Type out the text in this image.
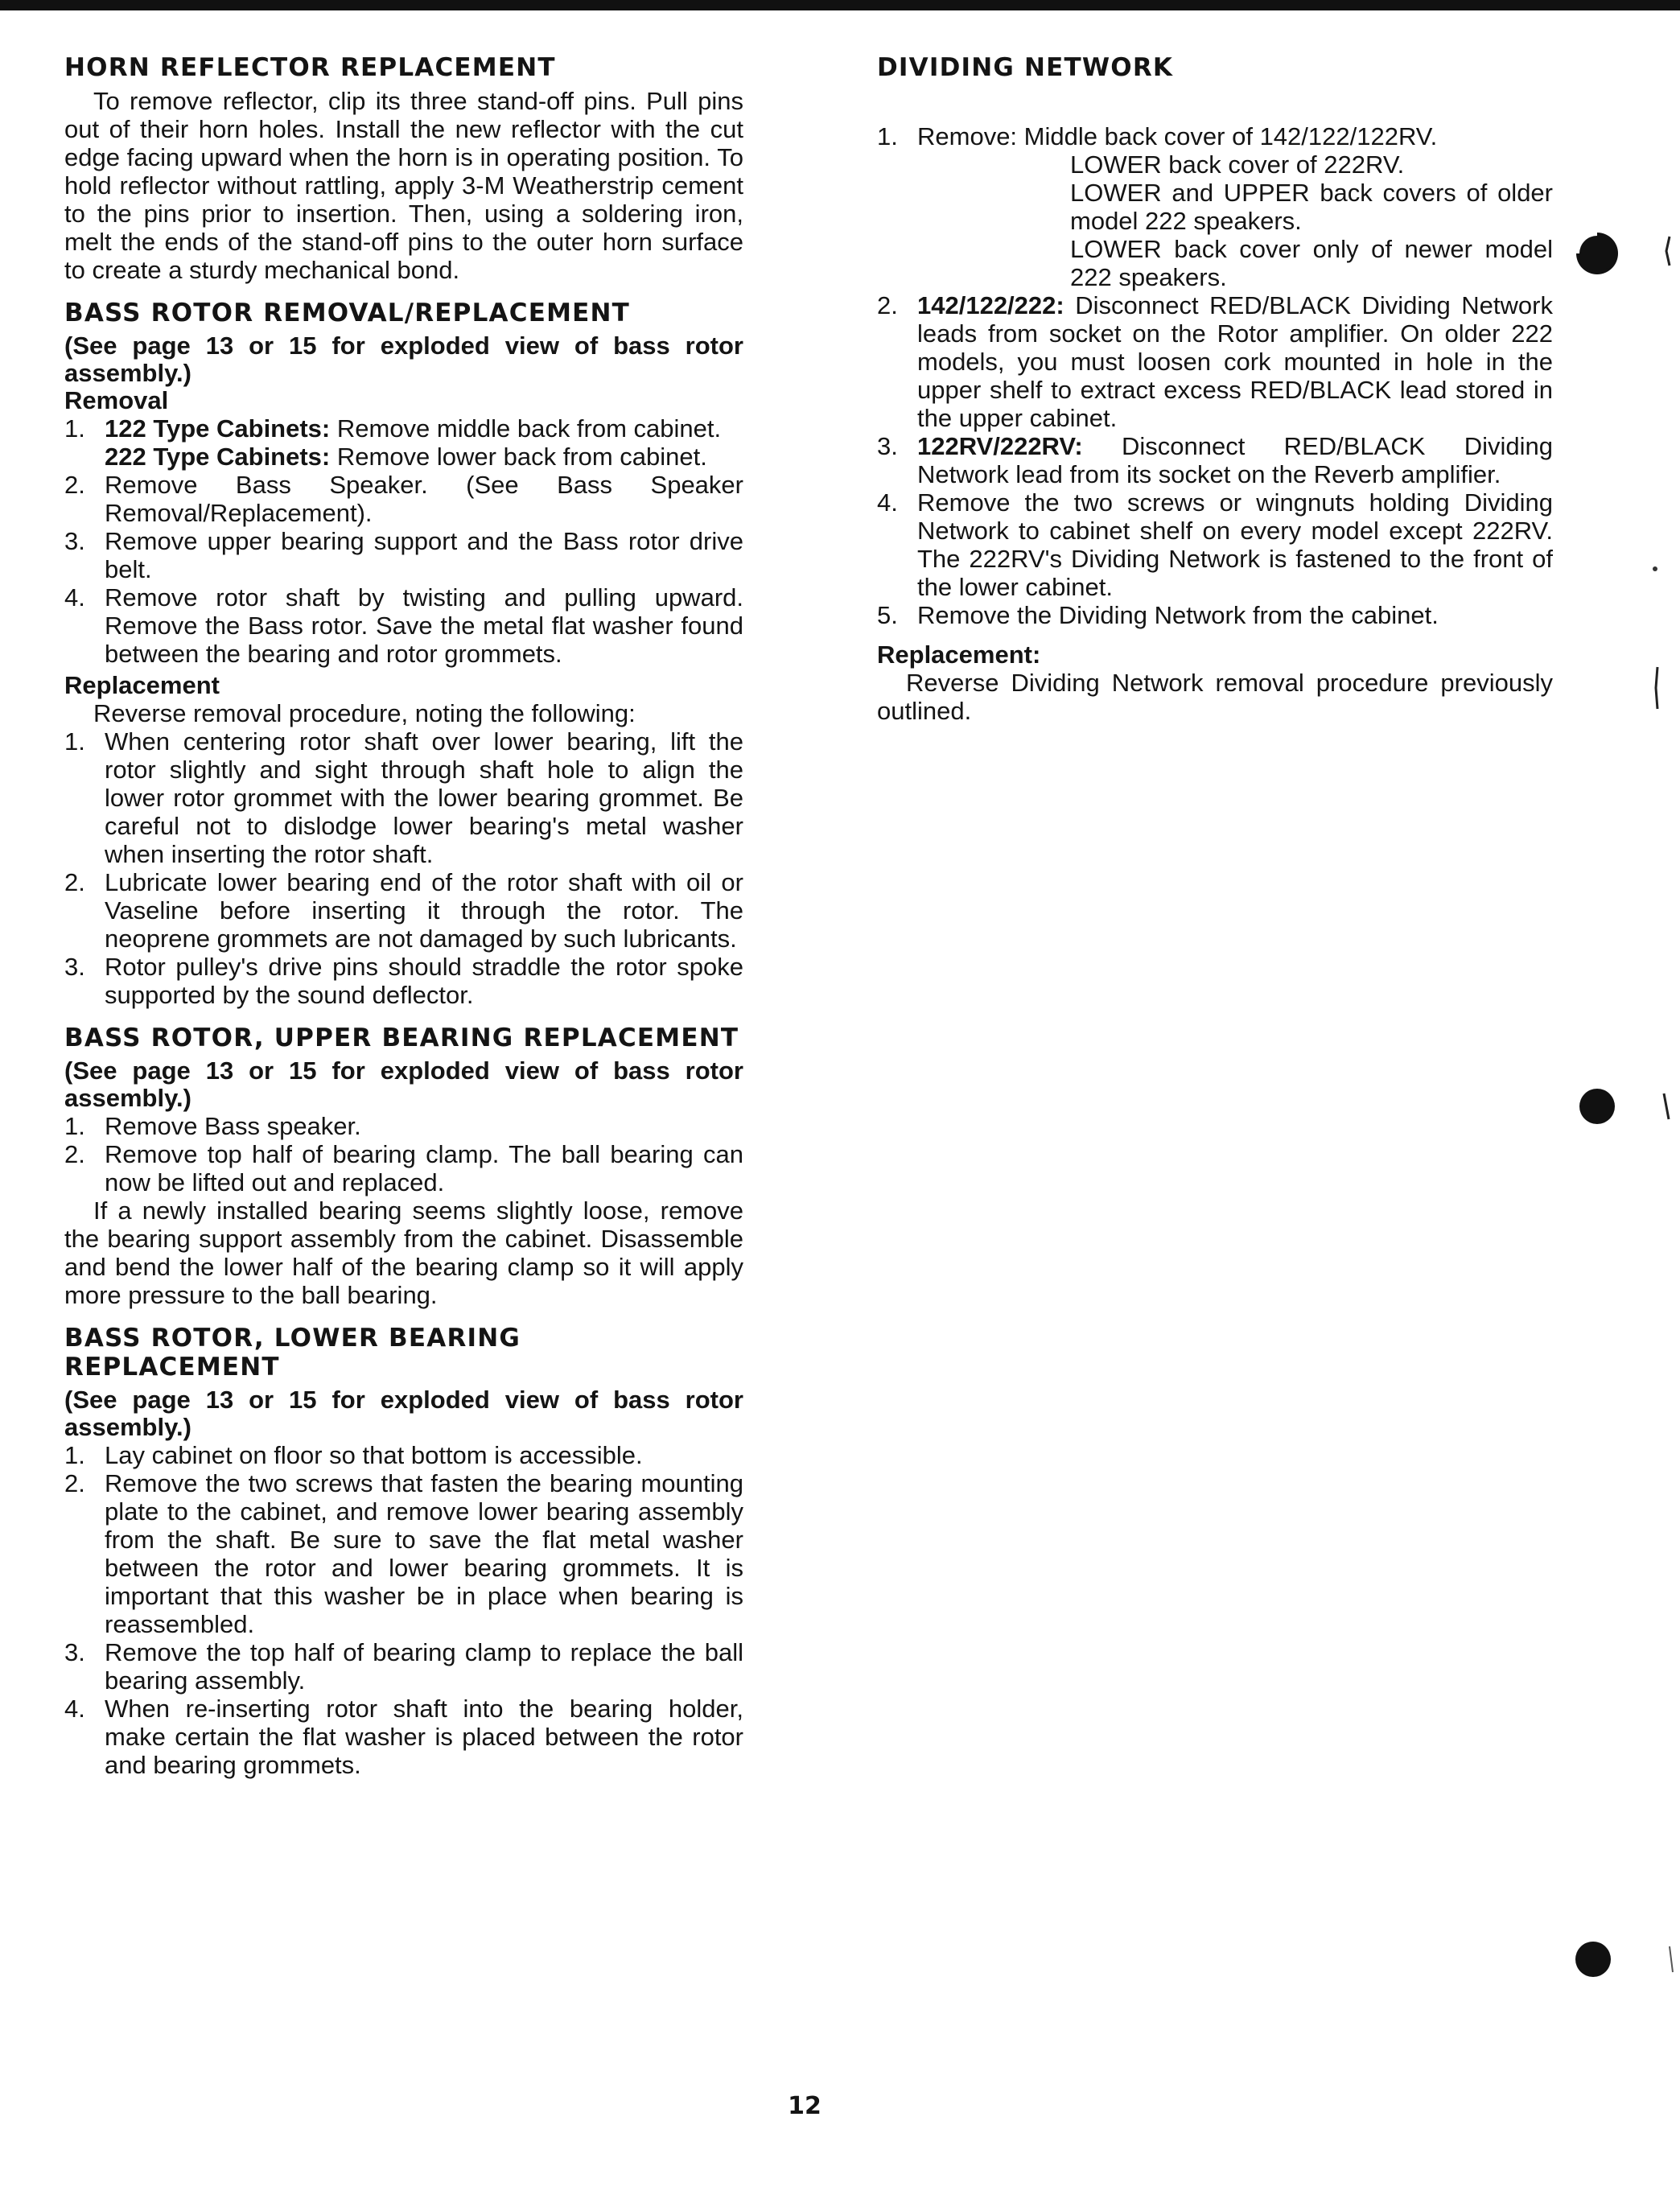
HORN REFLECTOR REPLACEMENT

To remove reflector, clip its three stand-off pins. Pull pins out of their horn holes. Install the new reflector with the cut edge facing upward when the horn is in operating position. To hold reflector without rattling, apply 3-M Weatherstrip cement to the pins prior to insertion. Then, using a soldering iron, melt the ends of the stand-off pins to the outer horn surface to create a sturdy mechanical bond.

BASS ROTOR REMOVAL/REPLACEMENT

(See page 13 or 15 for exploded view of bass rotor assembly.)

Removal

1. 122 Type Cabinets: Remove middle back from cabinet.
222 Type Cabinets: Remove lower back from cabinet.
2. Remove Bass Speaker. (See Bass Speaker Removal/Replacement).
3. Remove upper bearing support and the Bass rotor drive belt.
4. Remove rotor shaft by twisting and pulling upward. Remove the Bass rotor. Save the metal flat washer found between the bearing and rotor grommets.

Replacement

Reverse removal procedure, noting the following:

1. When centering rotor shaft over lower bearing, lift the rotor slightly and sight through shaft hole to align the lower rotor grommet with the lower bearing grommet. Be careful not to dislodge lower bearing's metal washer when inserting the rotor shaft.
2. Lubricate lower bearing end of the rotor shaft with oil or Vaseline before inserting it through the rotor. The neoprene grommets are not damaged by such lubricants.
3. Rotor pulley's drive pins should straddle the rotor spoke supported by the sound deflector.
BASS ROTOR, UPPER BEARING REPLACEMENT

(See page 13 or 15 for exploded view of bass rotor assembly.)

1. Remove Bass speaker.
2. Remove top half of bearing clamp. The ball bearing can now be lifted out and replaced.

If a newly installed bearing seems slightly loose, remove the bearing support assembly from the cabinet. Disassemble and bend the lower half of the bearing clamp so it will apply more pressure to the ball bearing.

BASS ROTOR, LOWER BEARING REPLACEMENT

(See page 13 or 15 for exploded view of bass rotor assembly.)

1. Lay cabinet on floor so that bottom is accessible.
2. Remove the two screws that fasten the bearing mounting plate to the cabinet, and remove lower bearing assembly from the shaft. Be sure to save the flat metal washer between the rotor and lower bearing grommets. It is important that this washer be in place when bearing is reassembled.
3. Remove the top half of bearing clamp to replace the ball bearing assembly.
4. When re-inserting rotor shaft into the bearing holder, make certain the flat washer is placed between the rotor and bearing grommets.
DIVIDING NETWORK
1. Remove: Middle back cover of 142/122/122RV.
LOWER back cover of 222RV.
LOWER and UPPER back covers of older model 222 speakers.
LOWER back cover only of newer model 222 speakers.
2. 142/122/222: Disconnect RED/BLACK Dividing Network leads from socket on the Rotor amplifier. On older 222 models, you must loosen cork mounted in hole in the upper shelf to extract excess RED/BLACK lead stored in the upper cabinet.
3. 122RV/222RV: Disconnect RED/BLACK Dividing Network lead from its socket on the Reverb amplifier.
4. Remove the two screws or wingnuts holding Dividing Network to cabinet shelf on every model except 222RV. The 222RV's Dividing Network is fastened to the front of the lower cabinet.
5. Remove the Dividing Network from the cabinet.

Replacement:

Reverse Dividing Network removal procedure previously outlined.

12
